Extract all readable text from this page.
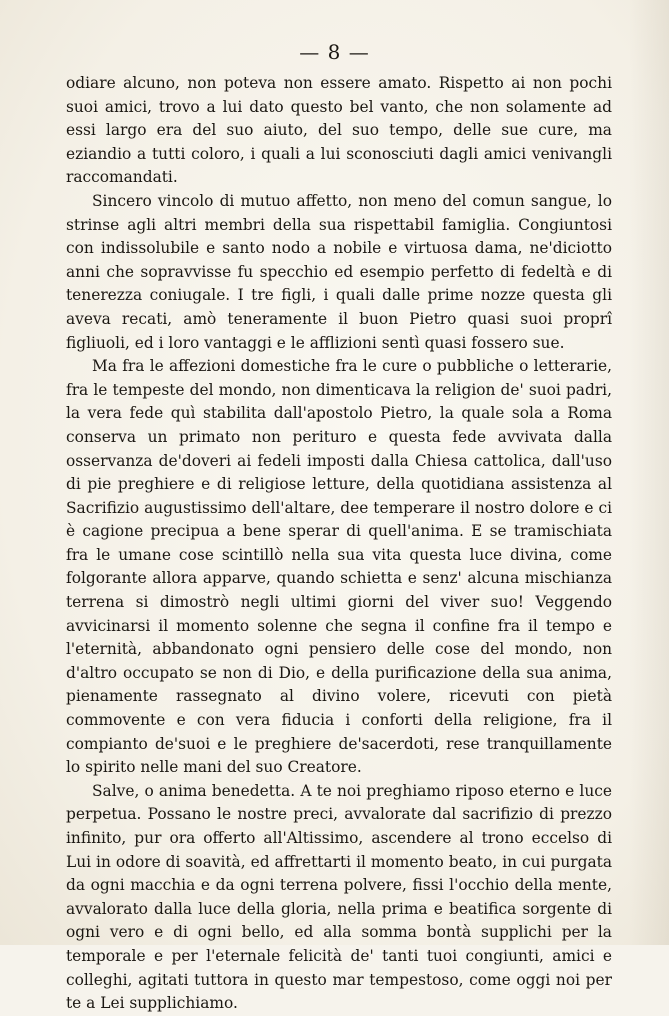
— 8 —

odiare alcuno, non poteva non essere amato. Rispetto ai non pochi suoi amici, trovo a lui dato questo bel vanto, che non solamente ad essi largo era del suo aiuto, del suo tempo, delle sue cure, ma eziandio a tutti coloro, i quali a lui sconosciuti dagli amici venivangli raccomandati.

Sincero vincolo di mutuo affetto, non meno del comun sangue, lo strinse agli altri membri della sua rispettabil famiglia. Congiuntosi con indissolubile e santo nodo a nobile e virtuosa dama, ne'diciotto anni che sopravvisse fu specchio ed esempio perfetto di fedeltà e di tenerezza coniugale. I tre figli, i quali dalle prime nozze questa gli aveva recati, amò teneramente il buon Pietro quasi suoi proprî figliuoli, ed i loro vantaggi e le afflizioni sentì quasi fossero sue.

Ma fra le affezioni domestiche fra le cure o pubbliche o letterarie, fra le tempeste del mondo, non dimenticava la religion de' suoi padri, la vera fede quì stabilita dall'apostolo Pietro, la quale sola a Roma conserva un primato non perituro e questa fede avvivata dalla osservanza de'doveri ai fedeli imposti dalla Chiesa cattolica, dall'uso di pie preghiere e di religiose letture, della quotidiana assistenza al Sacrifizio augustissimo dell'altare, dee temperare il nostro dolore e ci è cagione precipua a bene sperar di quell'anima. E se tramischiata fra le umane cose scintillò nella sua vita questa luce divina, come folgorante allora apparve, quando schietta e senz' alcuna mischianza terrena si dimostrò negli ultimi giorni del viver suo! Veggendo avvicinarsi il momento solenne che segna il confine fra il tempo e l'eternità, abbandonato ogni pensiero delle cose del mondo, non d'altro occupato se non di Dio, e della purificazione della sua anima, pienamente rassegnato al divino volere, ricevuti con pietà commovente e con vera fiducia i conforti della religione, fra il compianto de'suoi e le preghiere de'sacerdoti, rese tranquillamente lo spirito nelle mani del suo Creatore.

Salve, o anima benedetta. A te noi preghiamo riposo eterno e luce perpetua. Possano le nostre preci, avvalorate dal sacrifizio di prezzo infinito, pur ora offerto all'Altissimo, ascendere al trono eccelso di Lui in odore di soavità, ed affrettarti il momento beato, in cui purgata da ogni macchia e da ogni terrena polvere, fissi l'occhio della mente, avvalorato dalla luce della gloria, nella prima e beatifica sorgente di ogni vero e di ogni bello, ed alla somma bontà supplichi per la temporale e per l'eternale felicità de' tanti tuoi congiunti, amici e colleghi, agitati tuttora in questo mar tempestoso, come oggi noi per te a Lei supplichiamo.
